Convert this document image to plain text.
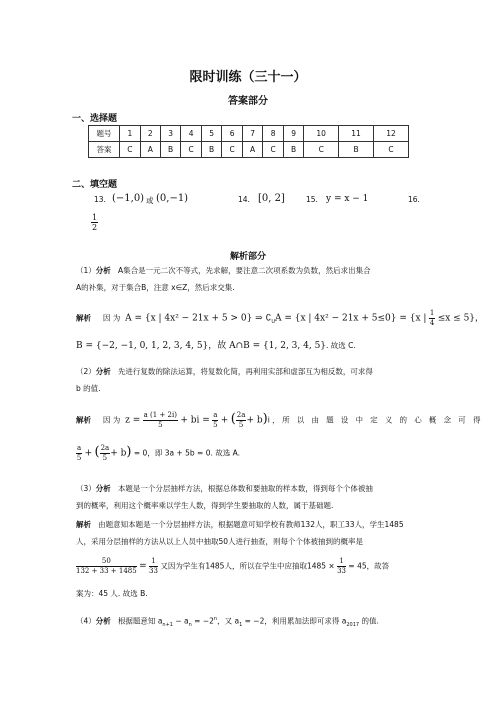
限时训练（三十一）
答案部分
一、选择题
题号	1	2	3	4	5	6	7	8	9	10	11	12
答案	C	A	B	C	B	C	A	C	B	C	B	C
二、填空题
13. (−1,0) 或 (0,−1)	14. [0, 2]	15. y = x − 1	16.
$\frac{1}{2}$
解析部分
（1）分析 A集合是一元二次不等式，先求解，要注意二次项系数为负数，然后求出集合
A的补集，对于集合B，注意 x∈Z，然后求交集.
解析 因 为 A = {x | 4x² − 21x + 5 > 0} ⇒ $∁_UA = \{x$ | 4x² − 21x + 5≤0} = {x | $\frac{1}{4} \le x \le 5$}，
B = {−2, −1, 0, 1, 2, 3, 4, 5}，故 A∩B = {1, 2, 3, 4, 5}. 故选 C.
（2）分析 先进行复数的除法运算，将复数化简，再利用实部和虚部互为相反数，可求得
b 的值.
解析 因 为 $z = \frac{a (1 + 2i)}{5}$ + bi = $\frac{a}{5}$ + ( $\frac{2a}{5} + b)i$，所 以 由 题 设 中 定 义 的 心 概 念 可 得
$\frac{a}{5}$ + ( $\frac{2a}{5} + b) = 0$，即 3a + 5b = 0. 故选 A.
（3）分析 本题是一个分层抽样方法，根据总体数和要抽取的样本数，得到每个个体被抽
到的概率，利用这个概率乘以学生人数，得到学生要抽取的人数，属于基础题.
解析 由题意知本题是一个分层抽样方法，根据题意可知学校有教师132人，职工33人，学生1485
人，采用分层抽样的方法从以上人员中抽取50人进行抽查，则每个个体被抽到的概率是
$\frac{50}{132 + 33 + 1485} = \frac{1}{33}$ 又因为学生有1485人，所以在学生中应抽取$1485 \times \frac{1}{33} = 45$，故答
案为：45 人. 故选 B.
（4）分析 根据题意知 $a_{n+1} - a_n = -2^n$，又 $a_1 = -2$，利用累加法即可求得 $a_{2017}$ 的值.
